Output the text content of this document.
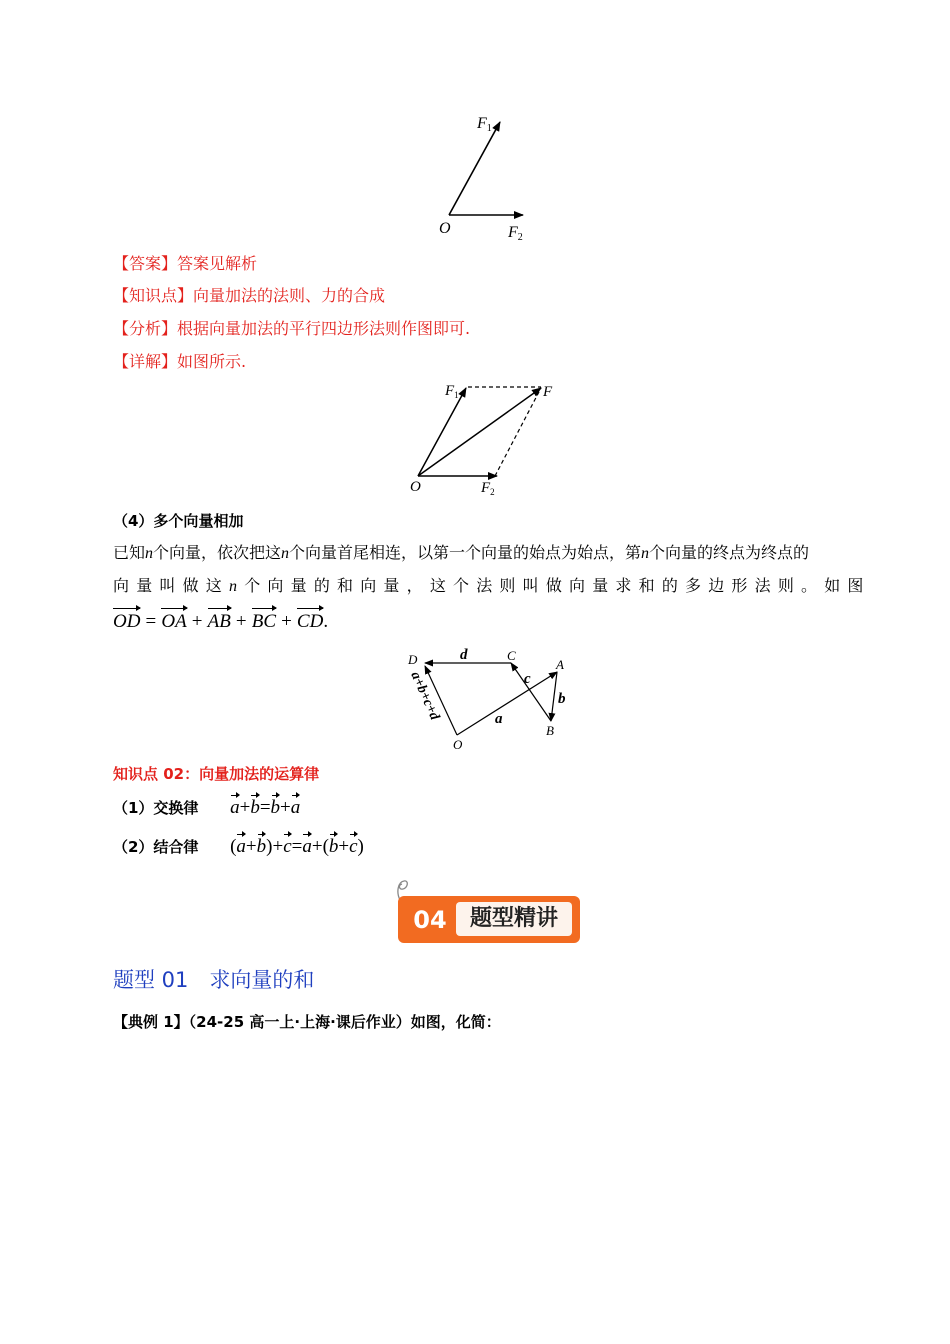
F1
O	F2
【答案】答案见解析
【知识点】向量加法的法则、力的合成
【分析】根据向量加法的平行四边形法则作图即可.
【详解】如图所示.
$F_1$	F
O	$F_2$
（4）多个向量相加
已知n个向量，依次把这n个向量首尾相连，以第一个向量的始点为始点，第n个向量的终点为终点的
向量叫做这n个向量的和向量，这个法则叫做向量求和的多边形法则。如图
OD = OA + AB + BC + CD.
D	C
A
B
O
d
c
b
a
a+b+c+d
知识点 02：向量加法的运算律
（1）交换律 a+b=b+a
（2）结合律 (a+b)+c=a+(b+c)
04	题型精讲
题型 01　求向量的和
【典例 1】（24-25 高一上·上海·课后作业）如图，化简：
